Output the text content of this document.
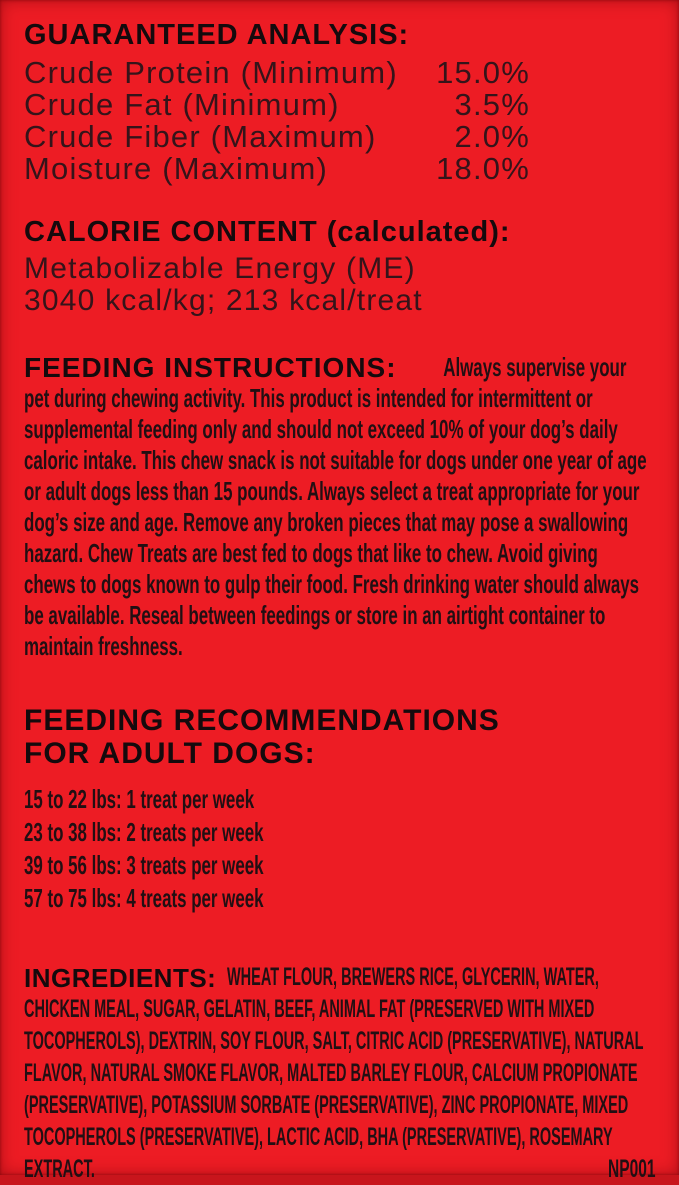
GUARANTEED ANALYSIS:
Crude Protein (Minimum) 15.0%
Crude Fat (Minimum)	3.5%
Crude Fiber (Maximum)	2.0%
Moisture (Maximum)	18.0%
CALORIE CONTENT (calculated):
Metabolizable Energy (ME)
3040 kcal/kg; 213 kcal/treat
FEEDING INSTRUCTIONS:	Always supervise your pet during chewing activity. This product is intended for intermittent or supplemental feeding only and should not exceed 10% of your dog’s daily caloric intake. This chew snack is not suitable for dogs under one year of age or adult dogs less than 15 pounds. Always select a treat appropriate for your dog’s size and age. Remove any broken pieces that may pose a swallowing hazard. Chew Treats are best fed to dogs that like to chew. Avoid giving chews to dogs known to gulp their food. Fresh drinking water should always be available. Reseal between feedings or store in an airtight container to maintain freshness.

FEEDING RECOMMENDATIONS
FOR ADULT DOGS:
15 to 22 lbs: 1 treat per week
23 to 38 lbs: 2 treats per week
39 to 56 lbs: 3 treats per week
57 to 75 lbs: 4 treats per week
INGREDIENTS: WHEAT FLOUR, BREWERS RICE, GLYCERIN, WATER, CHICKEN MEAL, SUGAR, GELATIN, BEEF, ANIMAL FAT (PRESERVED WITH MIXED TOCOPHEROLS), DEXTRIN, SOY FLOUR, SALT, CITRIC ACID (PRESERVATIVE), NATURAL FLAVOR, NATURAL SMOKE FLAVOR, MALTED BARLEY FLOUR, CALCIUM PROPIONATE (PRESERVATIVE), POTASSIUM SORBATE (PRESERVATIVE), ZINC PROPIONATE, MIXED TOCOPHEROLS (PRESERVATIVE), LACTIC ACID, BHA (PRESERVATIVE), ROSEMARY EXTRACT.	NP001
